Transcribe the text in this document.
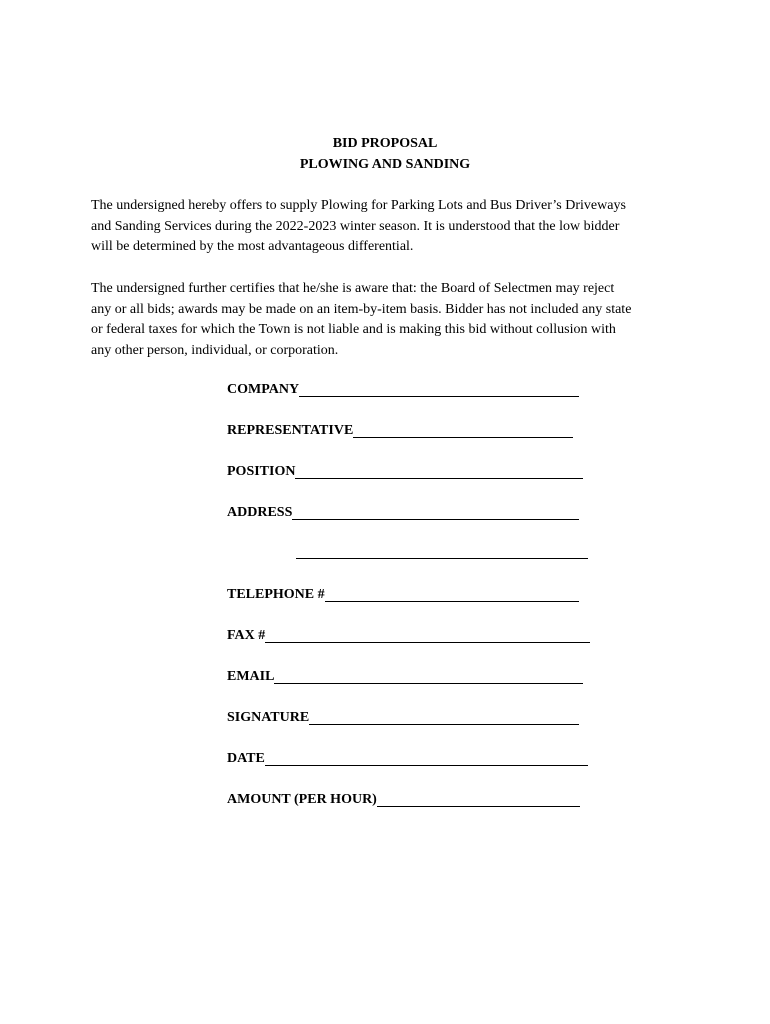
BID PROPOSAL
PLOWING AND SANDING
The undersigned hereby offers to supply Plowing for Parking Lots and Bus Driver’s Driveways
and Sanding Services during the 2022-2023 winter season. It is understood that the low bidder
will be determined by the most advantageous differential.
The undersigned further certifies that he/she is aware that: the Board of Selectmen may reject
any or all bids; awards may be made on an item-by-item basis. Bidder has not included any state
or federal taxes for which the Town is not liable and is making this bid without collusion with
any other person, individual, or corporation.
COMPANY
REPRESENTATIVE
POSITION
ADDRESS
TELEPHONE #
FAX #
EMAIL
SIGNATURE
DATE
AMOUNT (PER HOUR)
